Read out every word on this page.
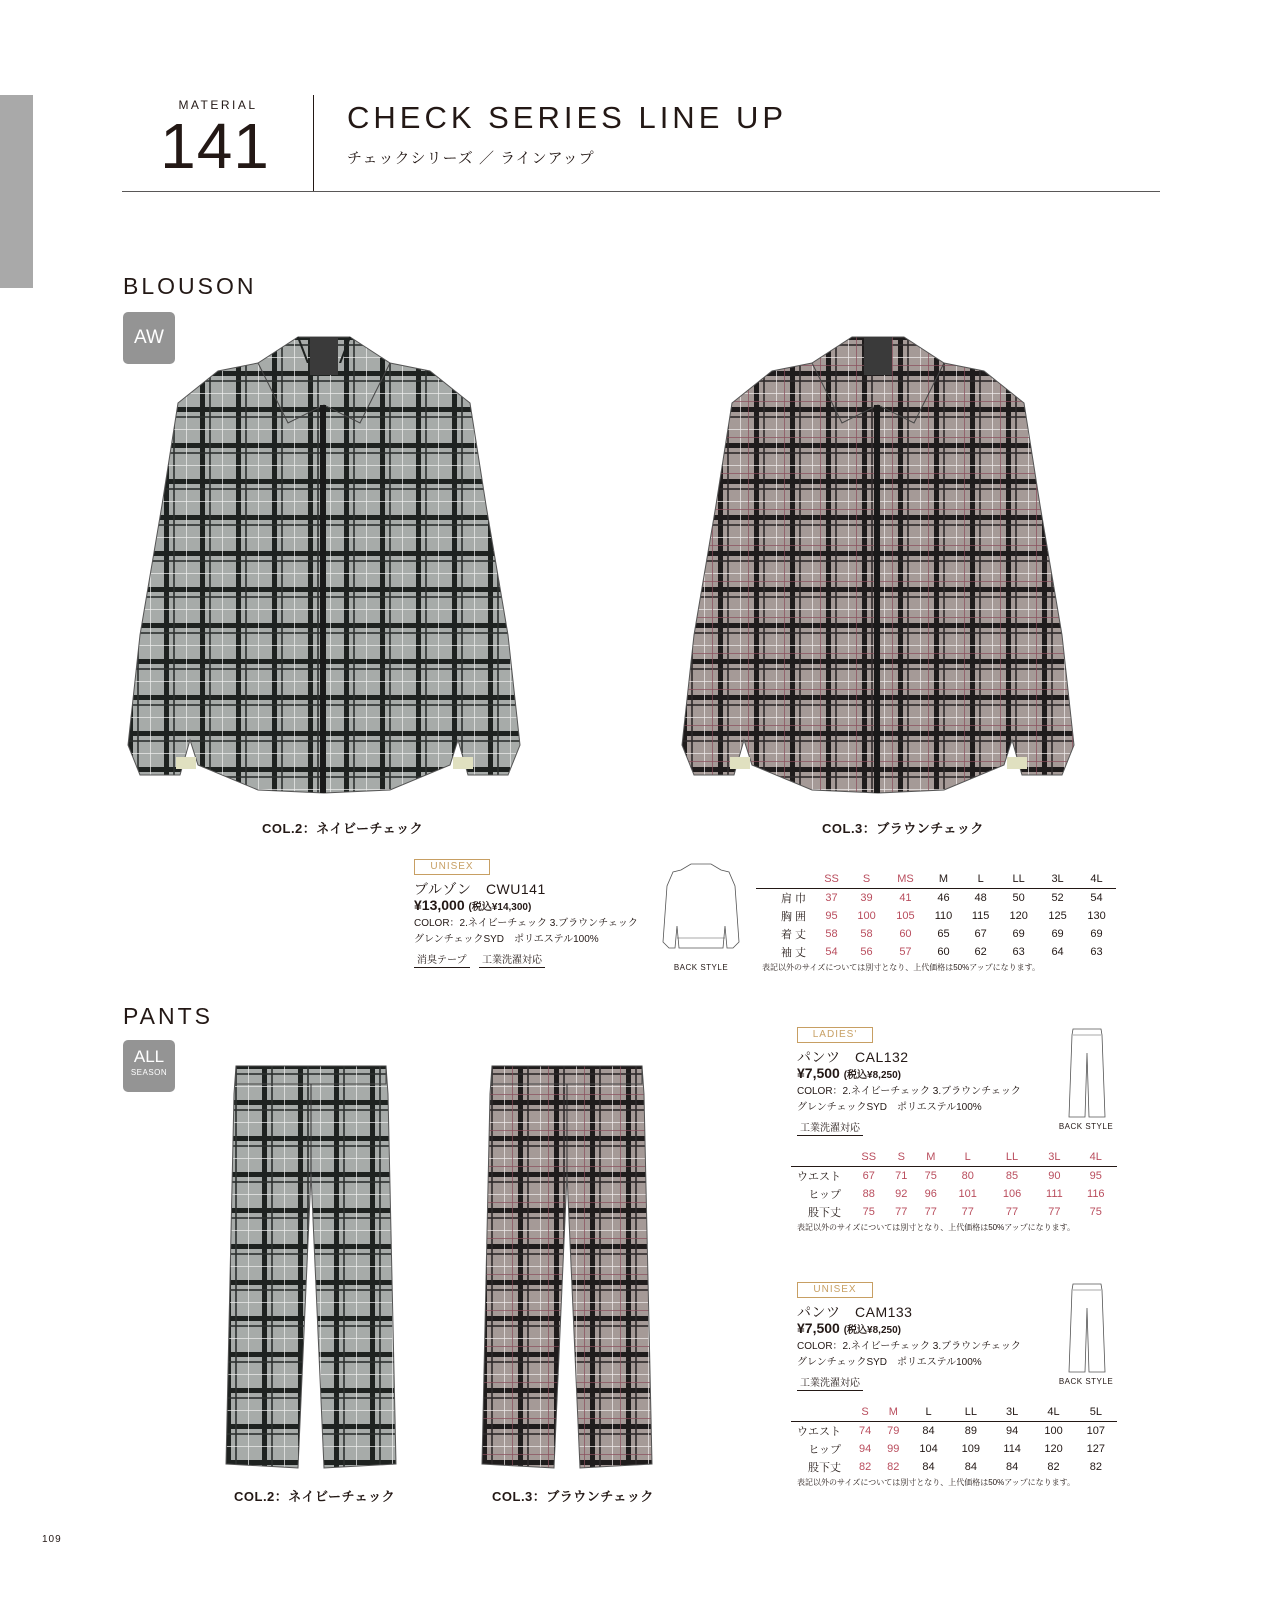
MATERIAL
141	CHECK SERIES LINE UP
チェックシリーズ ／ ラインアップ
BLOUSON
AW
COL.2：ネイビーチェック	COL.3：ブラウンチェック
UNISEX
ブルゾン　CWU141
¥13,000 (税込¥14,300)
COLOR：2.ネイビーチェック 3.ブラウンチェック
グレンチェックSYD　ポリエステル100%
消臭テープ 工業洗濯対応
BACK STYLE
	SS	S	MS	M	L	LL	3L	4L
肩 巾	37	39	41	46	48	50	52	54
胸 囲	95	100	105	110	115	120	125	130
着 丈	58	58	60	65	67	69	69	69
袖 丈	54	56	57	60	62	63	64	63
表記以外のサイズについては別寸となり、上代価格は50%アップになります。
PANTS
ALL
SEASON
COL.2：ネイビーチェック	COL.3：ブラウンチェック
LADIES'
パンツ　CAL132
¥7,500 (税込¥8,250)
COLOR：2.ネイビーチェック 3.ブラウンチェック
グレンチェックSYD　ポリエステル100%
工業洗濯対応	BACK STYLE
	SS	S	M	L	LL	3L	4L
ウエスト	67	71	75	80	85	90	95
ヒップ	88	92	96	101	106	111	116
股下丈	75	77	77	77	77	77	75
表記以外のサイズについては別寸となり、上代価格は50%アップになります。
UNISEX
パンツ　CAM133
¥7,500 (税込¥8,250)
COLOR：2.ネイビーチェック 3.ブラウンチェック
グレンチェックSYD　ポリエステル100%
工業洗濯対応	BACK STYLE
	S	M	L	LL	3L	4L	5L
ウエスト	74	79	84	89	94	100	107
ヒップ	94	99	104	109	114	120	127
股下丈	82	82	84	84	84	82	82
表記以外のサイズについては別寸となり、上代価格は50%アップになります。
109
